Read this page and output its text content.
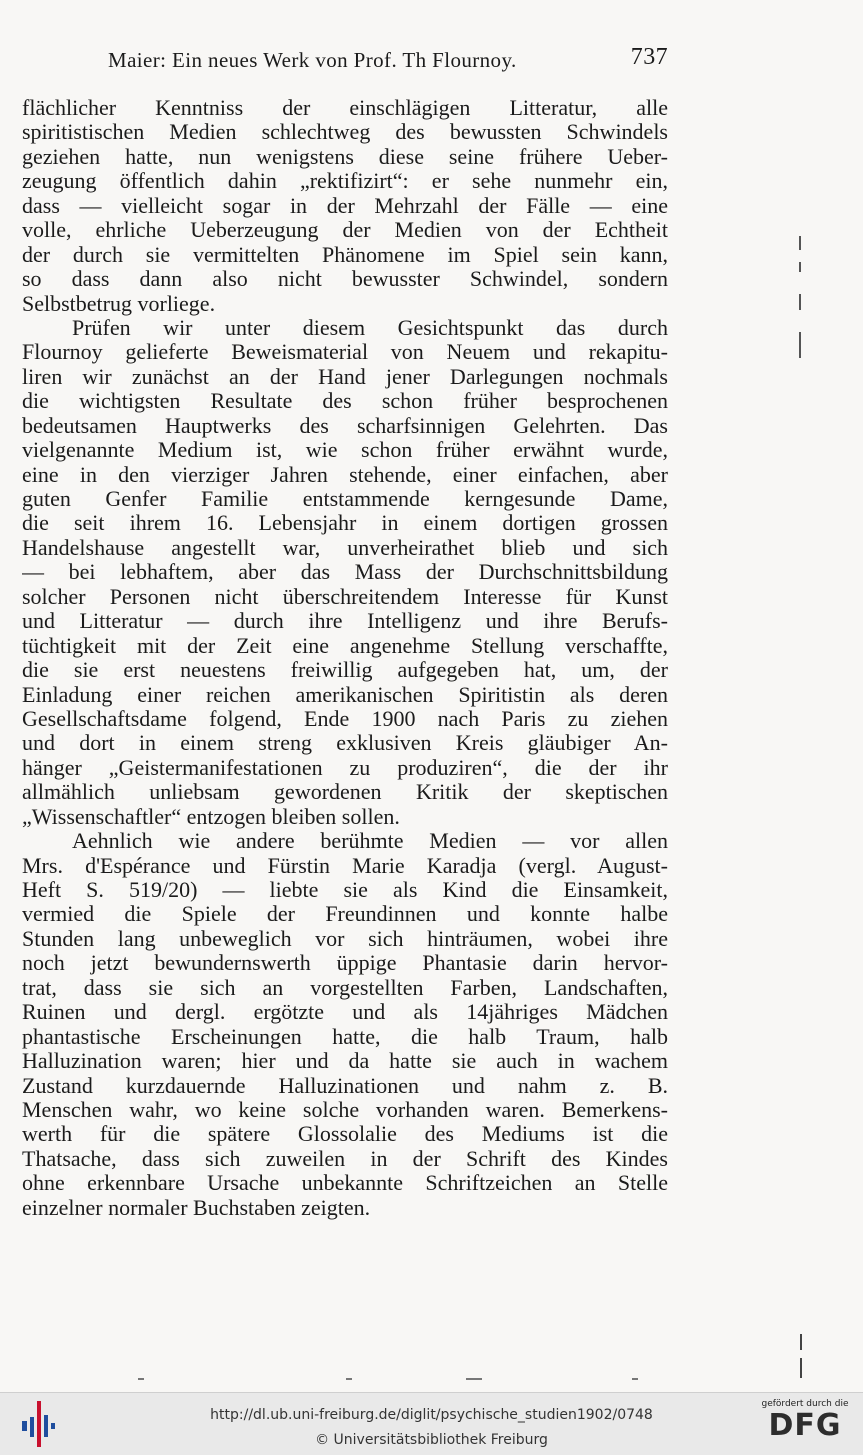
Maier: Ein neues Werk von Prof. Th Flournoy.	737
flächlicher Kenntniss der einschlägigen Litteratur, alle
spiritistischen Medien schlechtweg des bewussten Schwindels
geziehen hatte, nun wenigstens diese seine frühere Ueber-
zeugung öffentlich dahin „rektifizirt“: er sehe nunmehr ein,
dass — vielleicht sogar in der Mehrzahl der Fälle — eine
volle, ehrliche Ueberzeugung der Medien von der Echtheit
der durch sie vermittelten Phänomene im Spiel sein kann,
so dass dann also nicht bewusster Schwindel, sondern
Selbstbetrug vorliege.
Prüfen wir unter diesem Gesichtspunkt das durch
Flournoy gelieferte Beweismaterial von Neuem und rekapitu-
liren wir zunächst an der Hand jener Darlegungen nochmals
die wichtigsten Resultate des schon früher besprochenen
bedeutsamen Hauptwerks des scharfsinnigen Gelehrten. Das
vielgenannte Medium ist, wie schon früher erwähnt wurde,
eine in den vierziger Jahren stehende, einer einfachen, aber
guten Genfer Familie entstammende kerngesunde Dame,
die seit ihrem 16. Lebensjahr in einem dortigen grossen
Handelshause angestellt war, unverheirathet blieb und sich
— bei lebhaftem, aber das Mass der Durchschnittsbildung
solcher Personen nicht überschreitendem Interesse für Kunst
und Litteratur — durch ihre Intelligenz und ihre Berufs-
tüchtigkeit mit der Zeit eine angenehme Stellung verschaffte,
die sie erst neuestens freiwillig aufgegeben hat, um, der
Einladung einer reichen amerikanischen Spiritistin als deren
Gesellschaftsdame folgend, Ende 1900 nach Paris zu ziehen
und dort in einem streng exklusiven Kreis gläubiger An-
hänger „Geistermanifestationen zu produziren“, die der ihr
allmählich unliebsam gewordenen Kritik der skeptischen
„Wissenschaftler“ entzogen bleiben sollen.
Aehnlich wie andere berühmte Medien — vor allen
Mrs. d'Espérance und Fürstin Marie Karadja (vergl. August-
Heft S. 519/20) — liebte sie als Kind die Einsamkeit,
vermied die Spiele der Freundinnen und konnte halbe
Stunden lang unbeweglich vor sich hinträumen, wobei ihre
noch jetzt bewundernswerth üppige Phantasie darin hervor-
trat, dass sie sich an vorgestellten Farben, Landschaften,
Ruinen und dergl. ergötzte und als 14jähriges Mädchen
phantastische Erscheinungen hatte, die halb Traum, halb
Halluzination waren; hier und da hatte sie auch in wachem
Zustand kurzdauernde Halluzinationen und nahm z. B.
Menschen wahr, wo keine solche vorhanden waren. Bemerkens-
werth für die spätere Glossolalie des Mediums ist die
Thatsache, dass sich zuweilen in der Schrift des Kindes
ohne erkennbare Ursache unbekannte Schriftzeichen an Stelle
einzelner normaler Buchstaben zeigten.
http://dl.ub.uni-freiburg.de/diglit/psychische_studien1902/0748
© Universitätsbibliothek Freiburg
gefördert durch die
DFG
